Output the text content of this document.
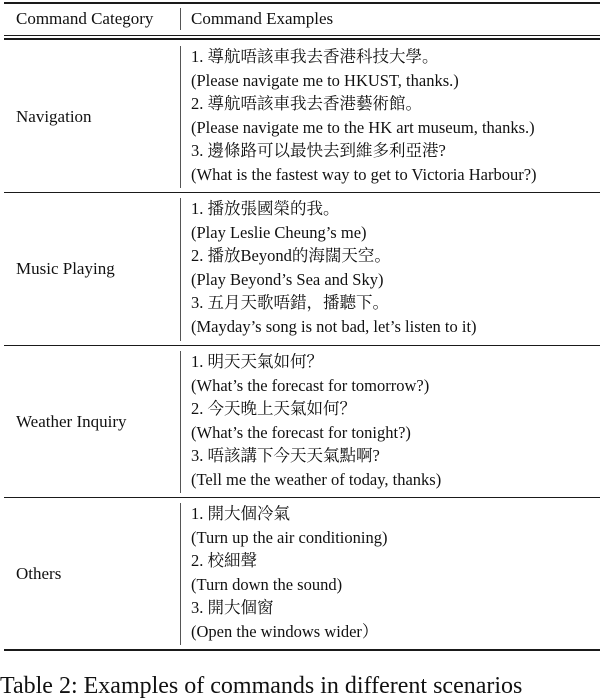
Command Category Command Examples
Navigation
1. 導航唔該車我去香港科技大學。
(Please navigate me to HKUST, thanks.)
2. 導航唔該車我去香港藝術館。
(Please navigate me to the HK art museum, thanks.)
3. 邊條路可以最快去到維多利亞港?
(What is the fastest way to get to Victoria Harbour?)
Music Playing
1. 播放張國榮的我。
(Play Leslie Cheung’s me)
2. 播放Beyond的海闊天空。
(Play Beyond’s Sea and Sky)
3. 五月天歌唔錯，播聽下。
(Mayday’s song is not bad, let’s listen to it)
Weather Inquiry
1. 明天天氣如何？
(What’s the forecast for tomorrow?)
2. 今天晚上天氣如何？
(What’s the forecast for tonight?)
3. 唔該講下今天天氣點啊?
(Tell me the weather of today, thanks)
Others
1. 開大個冷氣
(Turn up the air conditioning)
2. 校細聲
(Turn down the sound)
3. 開大個窗
(Open the windows wider）
Table 2: Examples of commands in different scenarios
